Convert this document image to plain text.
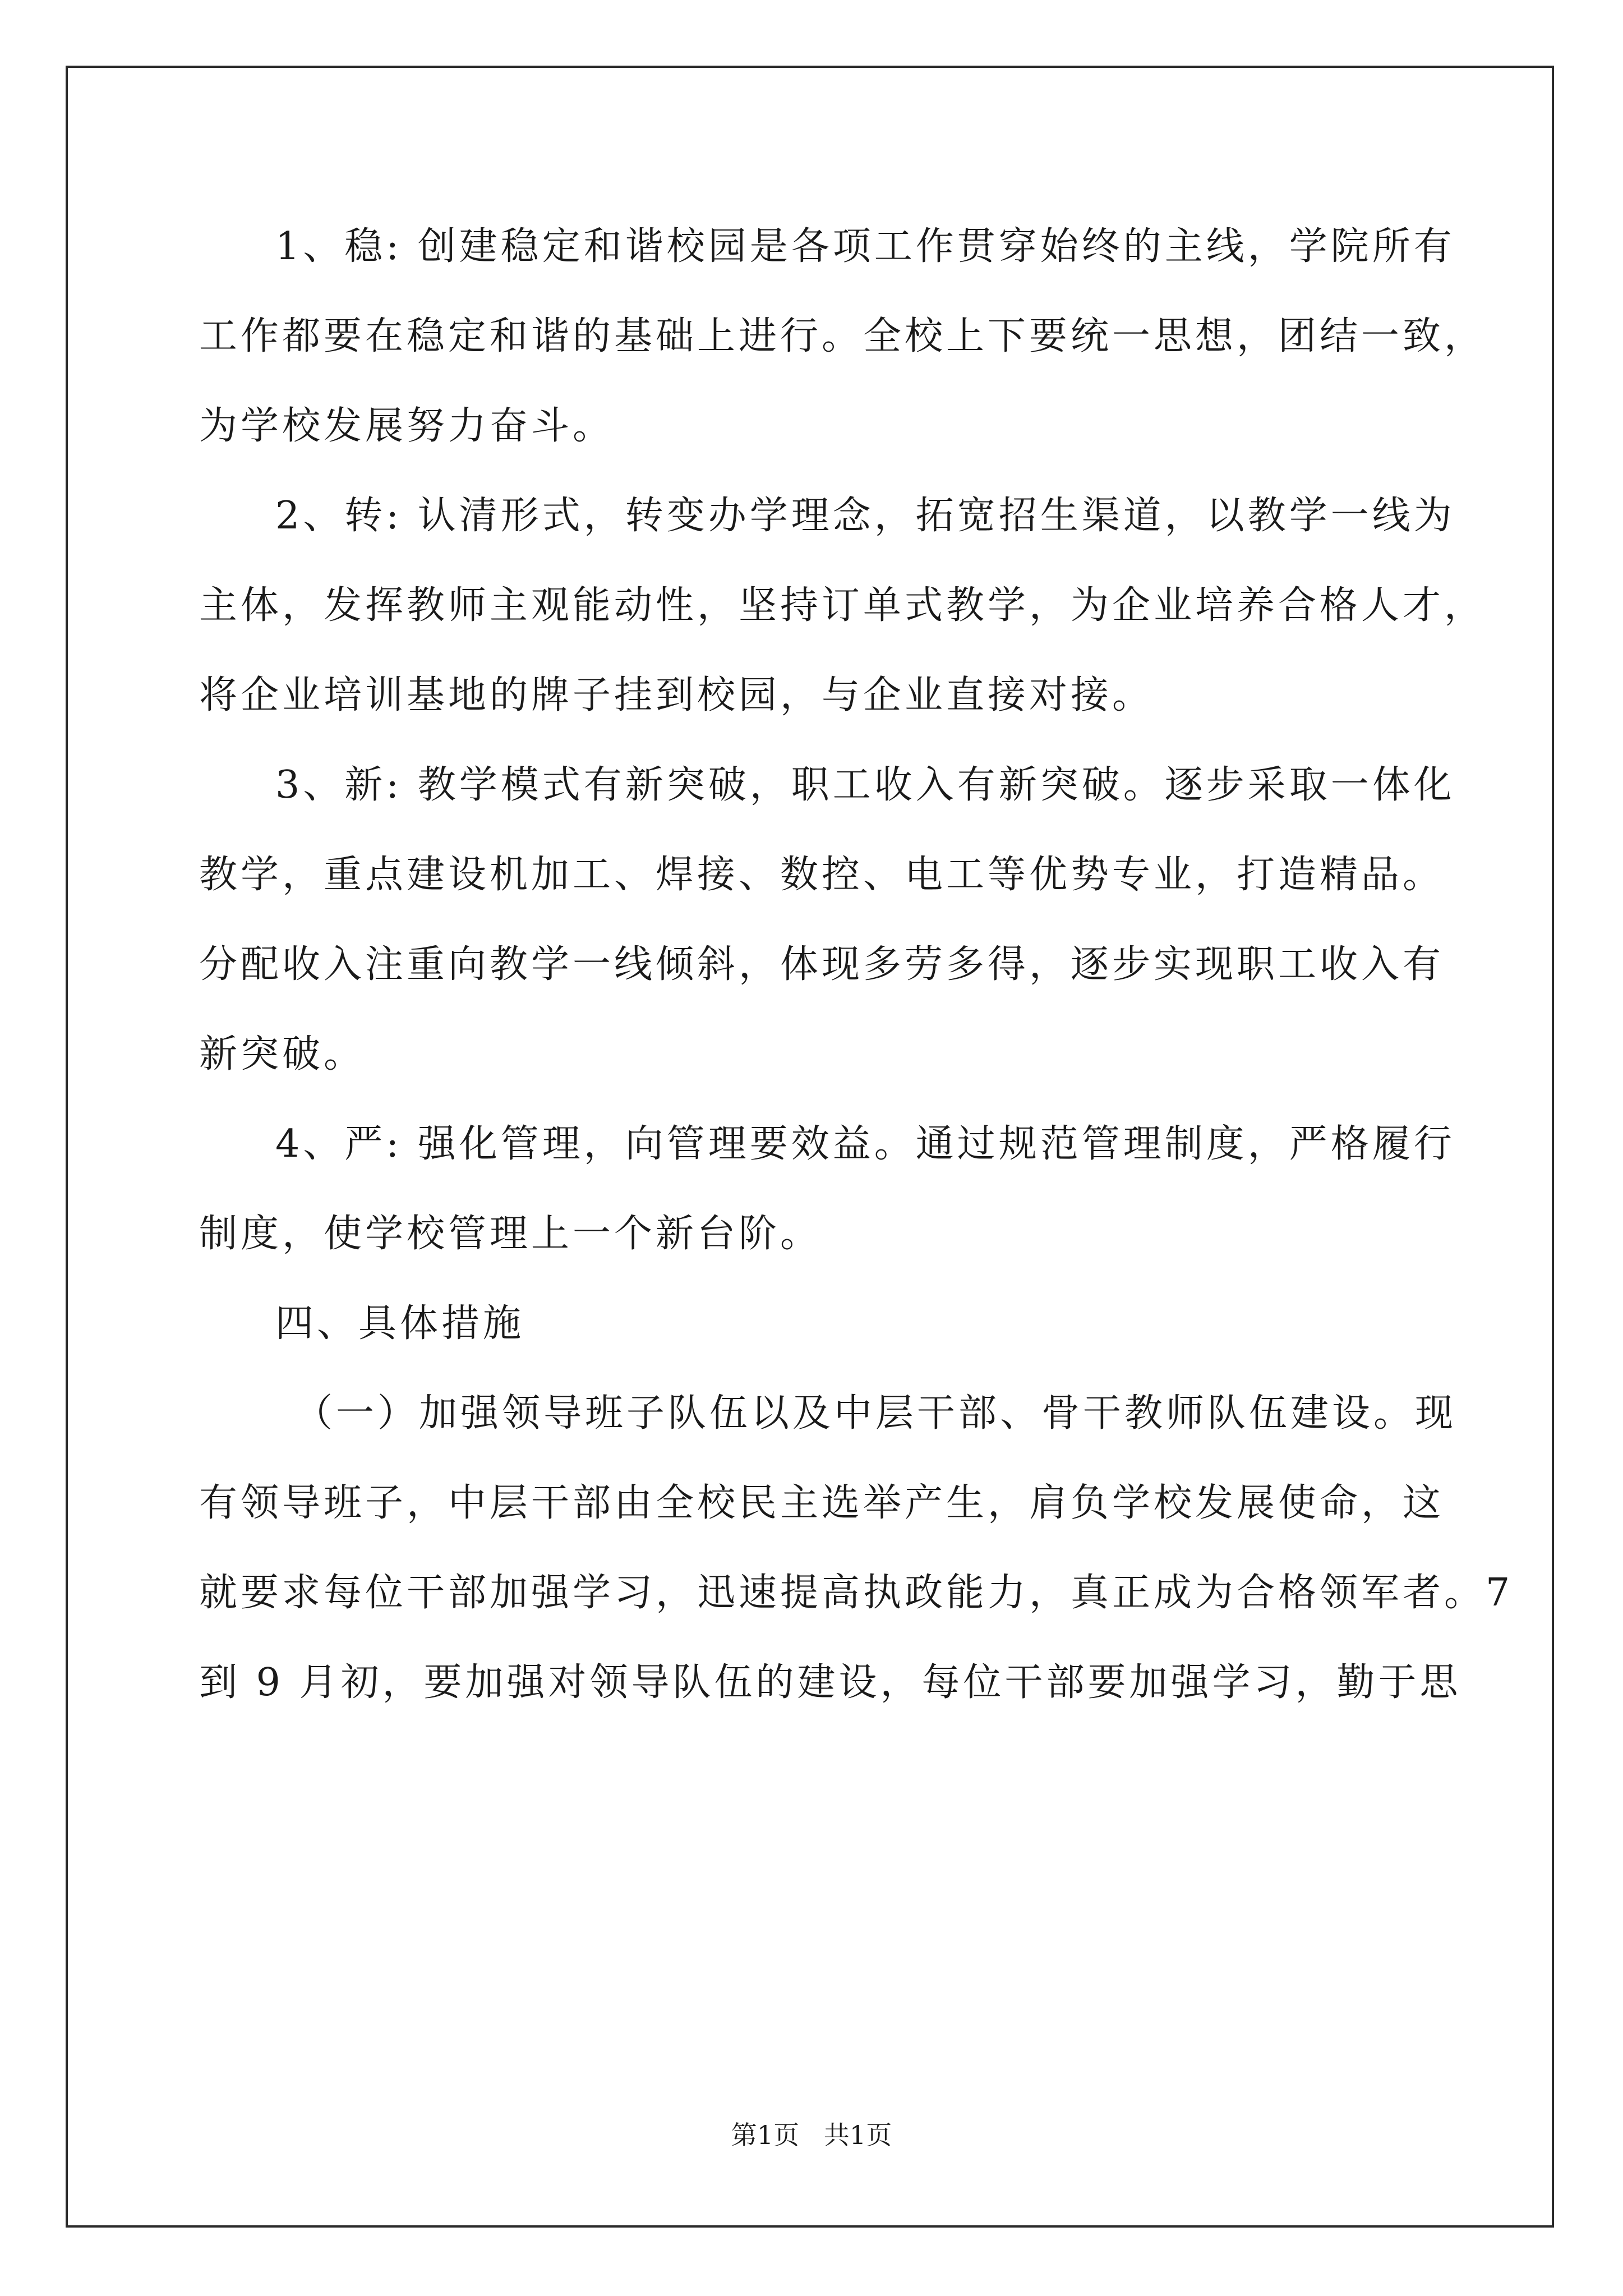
1、稳: 创建稳定和谐校园是各项工作贯穿始终的主线，学院所有
工作都要在稳定和谐的基础上进行。全校上下要统一思想，团结一致，
为学校发展努力奋斗。
2、转: 认清形式，转变办学理念，拓宽招生渠道，以教学一线为
主体，发挥教师主观能动性，坚持订单式教学，为企业培养合格人才，
将企业培训基地的牌子挂到校园，与企业直接对接。
3、新: 教学模式有新突破，职工收入有新突破。逐步采取一体化
教学，重点建设机加工、焊接、数控、电工等优势专业，打造精品。
分配收入注重向教学一线倾斜，体现多劳多得，逐步实现职工收入有
新突破。
4、严: 强化管理，向管理要效益。通过规范管理制度，严格履行
制度，使学校管理上一个新台阶。
四、具体措施
（一）加强领导班子队伍以及中层干部、骨干教师队伍建设。现
有领导班子，中层干部由全校民主选举产生，肩负学校发展使命，这
就要求每位干部加强学习，迅速提高执政能力，真正成为合格领军者。7
到 9 月初，要加强对领导队伍的建设，每位干部要加强学习，勤于思
第1页   共1页
